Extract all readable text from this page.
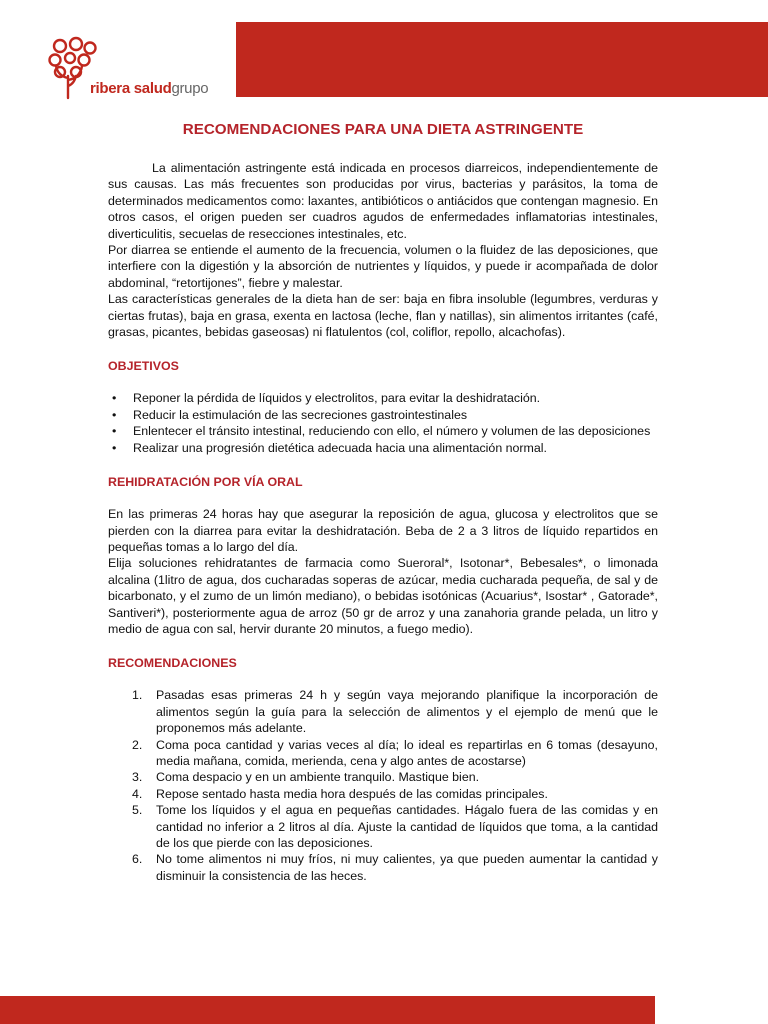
ribera saludgrupo
RECOMENDACIONES PARA UNA DIETA ASTRINGENTE

La alimentación astringente está indicada en procesos diarreicos, independientemente de sus causas. Las más frecuentes son producidas por virus, bacterias y parásitos, la toma de determinados medicamentos como: laxantes, antibióticos o antiácidos que contengan magnesio. En otros casos, el origen pueden ser cuadros agudos de enfermedades inflamatorias intestinales, diverticulitis, secuelas de resecciones intestinales, etc.

Por diarrea se entiende el aumento de la frecuencia, volumen o la fluidez de las deposiciones, que interfiere con la digestión y la absorción de nutrientes y líquidos, y puede ir acompañada de dolor abdominal, “retortijones”, fiebre y malestar.

Las características generales de la dieta han de ser: baja en fibra insoluble (legumbres, verduras y ciertas frutas), baja en grasa, exenta en lactosa (leche, flan y natillas), sin alimentos irritantes (café, grasas, picantes, bebidas gaseosas) ni flatulentos (col, coliflor, repollo, alcachofas).

OBJETIVOS
• Reponer la pérdida de líquidos y electrolitos, para evitar la deshidratación.
• Reducir la estimulación de las secreciones gastrointestinales
• Enlentecer el tránsito intestinal, reduciendo con ello, el número y volumen de las deposiciones
• Realizar una progresión dietética adecuada hacia una alimentación normal.
REHIDRATACIÓN POR VÍA ORAL

En las primeras 24 horas hay que asegurar la reposición de agua, glucosa y electrolitos que se pierden con la diarrea para evitar la deshidratación. Beba de 2 a 3 litros de líquido repartidos en pequeñas tomas a lo largo del día.

Elija soluciones rehidratantes de farmacia como Sueroral*, Isotonar*, Bebesales*, o limonada alcalina (1litro de agua, dos cucharadas soperas de azúcar, media cucharada pequeña, de sal y de bicarbonato, y el zumo de un limón mediano), o bebidas isotónicas (Acuarius*, Isostar* , Gatorade*, Santiveri*), posteriormente agua de arroz (50 gr de arroz y una zanahoria grande pelada, un litro y medio de agua con sal, hervir durante 20 minutos, a fuego medio).

RECOMENDACIONES
1. Pasadas esas primeras 24 h y según vaya mejorando planifique la incorporación de alimentos según la guía para la selección de alimentos y el ejemplo de menú que le proponemos más adelante.
2. Coma poca cantidad y varias veces al día; lo ideal es repartirlas en 6 tomas (desayuno, media mañana, comida, merienda, cena y algo antes de acostarse)
3. Coma despacio y en un ambiente tranquilo. Mastique bien.
4. Repose sentado hasta media hora después de las comidas principales.
5. Tome los líquidos y el agua en pequeñas cantidades. Hágalo fuera de las comidas y en cantidad no inferior a 2 litros al día. Ajuste la cantidad de líquidos que toma, a la cantidad de los que pierde con las deposiciones.
6. No tome alimentos ni muy fríos, ni muy calientes, ya que pueden aumentar la cantidad y disminuir la consistencia de las heces.
